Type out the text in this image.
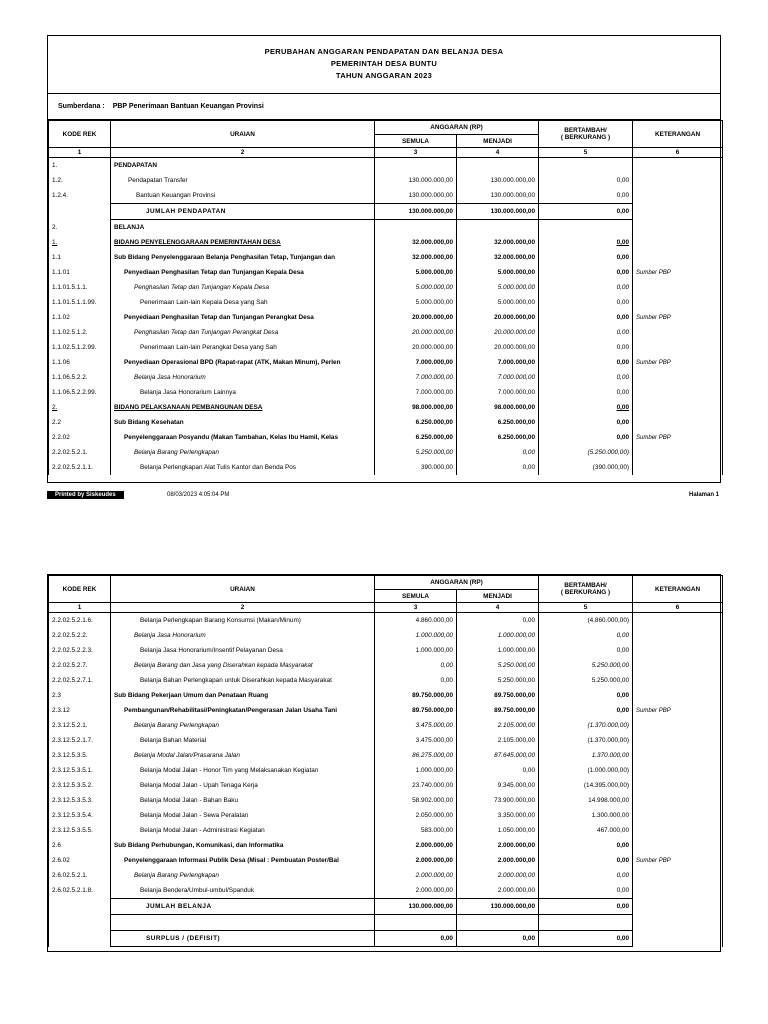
PERUBAHAN ANGGARAN PENDAPATAN DAN BELANJA DESA
PEMERINTAH DESA BUNTU
TAHUN ANGGARAN 2023
Sumberdana : PBP Penerimaan Bantuan Keuangan Provinsi
KODE REK	URAIAN	ANGGARAN (RP)		BERTAMBAH/
( BERKURANG )	KETERANGAN
		SEMULA	MENJADI		
1	2	3	4	5	6
1.	PENDAPATAN				
1.2.	Pendapatan Transfer	130.000.000,00	130.000.000,00	0,00	
1.2.4.	Bantuan Keuangan Provinsi	130.000.000,00	130.000.000,00	0,00	
	JUMLAH PENDAPATAN	130.000.000,00	130.000.000,00	0,00	
2.	BELANJA				
1.	BIDANG PENYELENGGARAAN PEMERINTAHAN DESA	32.000.000,00	32.000.000,00	0,00	
1.1	Sub Bidang Penyelenggaraan Belanja Penghasilan Tetap, Tunjangan dan	32.000.000,00	32.000.000,00	0,00	
1.1.01	Penyediaan Penghasilan Tetap dan Tunjangan Kepala Desa	5.000.000,00	5.000.000,00	0,00	Sumber PBP
1.1.01.5.1.1.	Penghasilan Tetap dan Tunjangan Kepala Desa	5.000.000,00	5.000.000,00	0,00	
1.1.01.5.1.1.99.	Penerimaan Lain-lain Kepala Desa yang Sah	5.000.000,00	5.000.000,00	0,00	
1.1.02	Penyediaan Penghasilan Tetap dan Tunjangan Perangkat Desa	20.000.000,00	20.000.000,00	0,00	Sumber PBP
1.1.02.5.1.2.	Penghasilan Tetap dan Tunjangan Perangkat Desa	20.000.000,00	20.000.000,00	0,00	
1.1.02.5.1.2.99.	Penerimaan Lain-lain Perangkat Desa yang Sah	20.000.000,00	20.000.000,00	0,00	
1.1.06	Penyediaan Operasional BPD (Rapat-rapat (ATK, Makan Minum), Perlen	7.000.000,00	7.000.000,00	0,00	Sumber PBP
1.1.06.5.2.2.	Belanja Jasa Honorarium	7.000.000,00	7.000.000,00	0,00	
1.1.06.5.2.2.99.	Belanja Jasa Honorarium Lainnya	7.000.000,00	7.000.000,00	0,00	
2.	BIDANG PELAKSANAAN PEMBANGUNAN DESA	98.000.000,00	98.000.000,00	0,00	
2.2	Sub Bidang Kesehatan	6.250.000,00	6.250.000,00	0,00	
2.2.02	Penyelenggaraan Posyandu (Makan Tambahan, Kelas Ibu Hamil, Kelas	6.250.000,00	6.250.000,00	0,00	Sumber PBP
2.2.02.5.2.1.	Belanja Barang Perlengkapan	5.250.000,00	0,00	(5.250.000,00)	
2.2.02.5.2.1.1.	Belanja Perlengkapan Alat Tulis Kantor dan Benda Pos	390.000,00	0,00	(390.000,00)	
Printed by Siskeudes	08/03/2023 4:05:04 PM	Halaman 1
KODE REK	URAIAN	ANGGARAN (RP)		BERTAMBAH/
( BERKURANG )	KETERANGAN
		SEMULA	MENJADI		
1	2	3	4	5	6
2.2.02.5.2.1.6.	Belanja Perlengkapan Barang Konsumsi (Makan/Minum)	4.860.000,00	0,00	(4.860.000,00)	
2.2.02.5.2.2.	Belanja Jasa Honorarium	1.000.000,00	1.000.000,00	0,00	
2.2.02.5.2.2.3.	Belanja Jasa Honorarium/Insentif Pelayanan Desa	1.000.000,00	1.000.000,00	0,00	
2.2.02.5.2.7.	Belanja Barang dan Jasa yang Diserahkan kepada Masyarakat	0,00	5.250.000,00	5.250.000,00	
2.2.02.5.2.7.1.	Belanja Bahan Perlengkapan untuk Diserahkan kepada Masyarakat	0,00	5.250.000,00	5.250.000,00	
2.3	Sub Bidang Pekerjaan Umum dan Penataan Ruang	89.750.000,00	89.750.000,00	0,00	
2.3.12	Pembangunan/Rehabilitasi/Peningkatan/Pengerasan Jalan Usaha Tani	89.750.000,00	89.750.000,00	0,00	Sumber PBP
2.3.12.5.2.1.	Belanja Barang Perlengkapan	3.475.000,00	2.105.000,00	(1.370.000,00)	
2.3.12.5.2.1.7.	Belanja Bahan Material	3.475.000,00	2.105.000,00	(1.370.000,00)	
2.3.12.5.3.5.	Belanja Modal Jalan/Prasarana Jalan	86.275.000,00	87.645.000,00	1.370.000,00	
2.3.12.5.3.5.1.	Belanja Modal Jalan - Honor Tim yang Melaksanakan Kegiatan	1.000.000,00	0,00	(1.000.000,00)	
2.3.12.5.3.5.2.	Belanja Modal Jalan - Upah Tenaga Kerja	23.740.000,00	9.345.000,00	(14.395.000,00)	
2.3.12.5.3.5.3.	Belanja Modal Jalan - Bahan Baku	58.902.000,00	73.900.000,00	14.998.000,00	
2.3.12.5.3.5.4.	Belanja Modal Jalan - Sewa Peralatan	2.050.000,00	3.350.000,00	1.300.000,00	
2.3.12.5.3.5.5.	Belanja Modal Jalan - Administrasi Kegiatan	583.000,00	1.050.000,00	467.000,00	
2.6	Sub Bidang Perhubungan, Komunikasi, dan Informatika	2.000.000,00	2.000.000,00	0,00	
2.6.02	Penyelenggaraan Informasi Publik Desa (Misal : Pembuatan Poster/Bal	2.000.000,00	2.000.000,00	0,00	Sumber PBP
2.6.02.5.2.1.	Belanja Barang Perlengkapan	2.000.000,00	2.000.000,00	0,00	
2.6.02.5.2.1.8.	Belanja Bendera/Umbul-umbul/Spanduk	2.000.000,00	2.000.000,00	0,00	
	JUMLAH BELANJA	130.000.000,00	130.000.000,00	0,00	

	SURPLUS / (DEFISIT)	0,00	0,00	0,00	
